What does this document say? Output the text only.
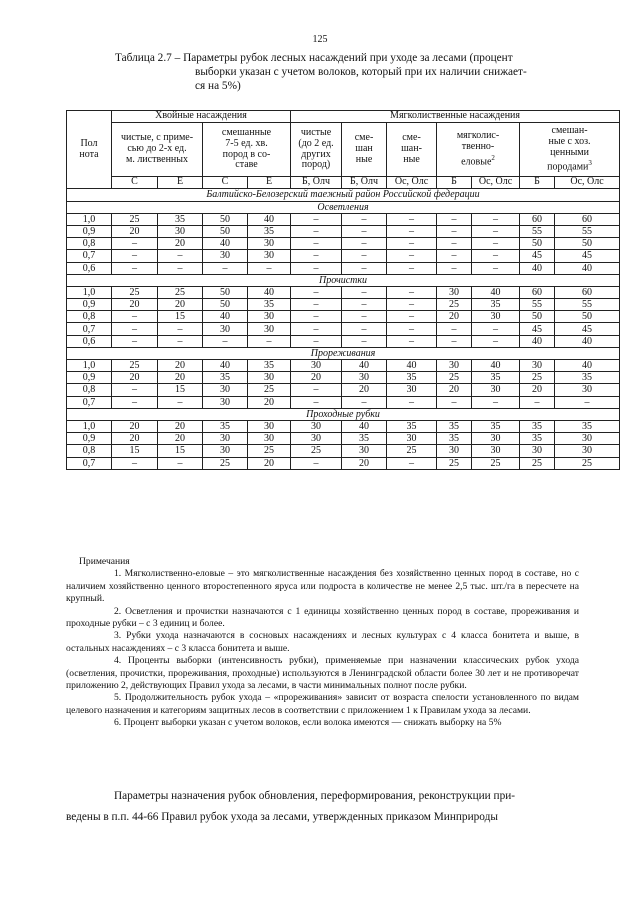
125
Таблица 2.7 – Параметры рубок лесных насаждений при уходе за лесами (процент
выборки указан с учетом волоков, который при их наличии снижает-
ся на 5%)
Пол
нота	Хвойные насаждения				Мягколиственные насаждения						
	чистые, с приме-
сью до 2-х ед.
м. лиственных		смешанные
7-5 ед. хв.
пород в со-
ставе		чистые
(до 2 ед.
других
пород)	сме-
шан
ные	сме-
шан-
ные	мягколис-
твенно-
еловые$^2$		смешан-
ные с хоз.
ценными
породами$^3$
	С	Е	С	Е	Б, Олч	Б, Олч	Ос, Олс	Б	Ос, Олс	Б	Ос, Олс
Балтийско-Белозерский таежный район Российской федерации											
Осветления											
1,0	25	35	50	40	–	–	–	–	–	60	60
0,9	20	30	50	35	–	–	–	–	–	55	55
0,8	–	20	40	30	–	–	–	–	–	50	50
0,7	–	–	30	30	–	–	–	–	–	45	45
0,6	–	–	–	–	–	–	–	–	–	40	40
Прочистки											
1,0	25	25	50	40	–	–	–	30	40	60	60
0,9	20	20	50	35	–	–	–	25	35	55	55
0,8	–	15	40	30	–	–	–	20	30	50	50
0,7	–	–	30	30	–	–	–	–	–	45	45
0,6	–	–	–	–	–	–	–	–	–	40	40
Прореживания											
1,0	25	20	40	35	30	40	40	30	40	30	40
0,9	20	20	35	30	20	30	35	25	35	25	35
0,8	–	15	30	25	–	20	30	20	30	20	30
0,7	–	–	30	20	–	–	–	–	–	–	–
Проходные рубки											
1,0	20	20	35	30	30	40	35	35	35	35	35
0,9	20	20	30	30	30	35	30	35	30	35	30
0,8	15	15	30	25	25	30	25	30	30	30	30
0,7	–	–	25	20	–	20	–	25	25	25	25

Примечания

1. Мягколиственно-еловые – это мягколиственные насаждения без хозяйственно ценных пород в составе, но с наличием хозяйственно ценного второстепенного яруса или подроста в количестве не менее 2,5 тыс. шт./га в пересчете на крупный.

2. Осветления и прочистки назначаются с 1 единицы хозяйственно ценных пород в составе, прореживания и проходные рубки – с 3 единиц и более.

3. Рубки ухода назначаются в сосновых насаждениях и лесных культурах с 4 класса бонитета и выше, в остальных насаждениях – с 3 класса бонитета и выше.

4. Проценты выборки (интенсивность рубки), применяемые при назначении классических рубок ухода (осветления, прочистки, прореживания, проходные) используются в Ленинградской области более 30 лет и не противоречат приложению 2, действующих Правил ухода за лесами, в части минимальных полнот после рубки.

5. Продолжительность рубок ухода – «прореживания» зависит от возраста спелости установленного по видам целевого назначения и категориям защитных лесов в соответствии с приложением 1 к Правилам ухода за лесами.

6. Процент выборки указан с учетом волоков, если волока имеются — снижать выборку на 5%

Параметры назначения рубок обновления, переформирования, реконструкции при-
ведены в п.п. 44-66 Правил рубок ухода за лесами, утвержденных приказом Минприроды
